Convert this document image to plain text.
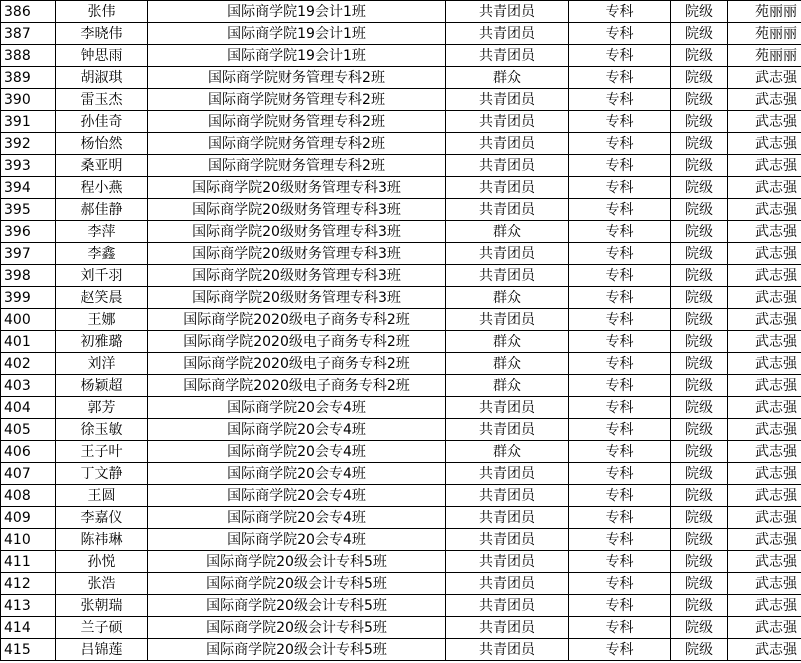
386	张伟	国际商学院19会计1班	共青团员	专科	院级	苑丽丽
387	李晓伟	国际商学院19会计1班	共青团员	专科	院级	苑丽丽
388	钟思雨	国际商学院19会计1班	共青团员	专科	院级	苑丽丽
389	胡淑琪	国际商学院财务管理专科2班	群众	专科	院级	武志强
390	雷玉杰	国际商学院财务管理专科2班	共青团员	专科	院级	武志强
391	孙佳奇	国际商学院财务管理专科2班	共青团员	专科	院级	武志强
392	杨怡然	国际商学院财务管理专科2班	共青团员	专科	院级	武志强
393	桑亚明	国际商学院财务管理专科2班	共青团员	专科	院级	武志强
394	程小燕	国际商学院20级财务管理专科3班	共青团员	专科	院级	武志强
395	郝佳静	国际商学院20级财务管理专科3班	共青团员	专科	院级	武志强
396	李萍	国际商学院20级财务管理专科3班	群众	专科	院级	武志强
397	李鑫	国际商学院20级财务管理专科3班	共青团员	专科	院级	武志强
398	刘千羽	国际商学院20级财务管理专科3班	共青团员	专科	院级	武志强
399	赵笑晨	国际商学院20级财务管理专科3班	群众	专科	院级	武志强
400	王娜	国际商学院2020级电子商务专科2班	共青团员	专科	院级	武志强
401	初雅璐	国际商学院2020级电子商务专科2班	群众	专科	院级	武志强
402	刘洋	国际商学院2020级电子商务专科2班	群众	专科	院级	武志强
403	杨颖超	国际商学院2020级电子商务专科2班	群众	专科	院级	武志强
404	郭芳	国际商学院20会专4班	共青团员	专科	院级	武志强
405	徐玉敏	国际商学院20会专4班	共青团员	专科	院级	武志强
406	王子叶	国际商学院20会专4班	群众	专科	院级	武志强
407	丁文静	国际商学院20会专4班	共青团员	专科	院级	武志强
408	王圆	国际商学院20会专4班	共青团员	专科	院级	武志强
409	李嘉仪	国际商学院20会专4班	共青团员	专科	院级	武志强
410	陈祎琳	国际商学院20会专4班	共青团员	专科	院级	武志强
411	孙悦	国际商学院20级会计专科5班	共青团员	专科	院级	武志强
412	张浩	国际商学院20级会计专科5班	共青团员	专科	院级	武志强
413	张朝瑞	国际商学院20级会计专科5班	共青团员	专科	院级	武志强
414	兰子硕	国际商学院20级会计专科5班	共青团员	专科	院级	武志强
415	吕锦莲	国际商学院20级会计专科5班	共青团员	专科	院级	武志强
